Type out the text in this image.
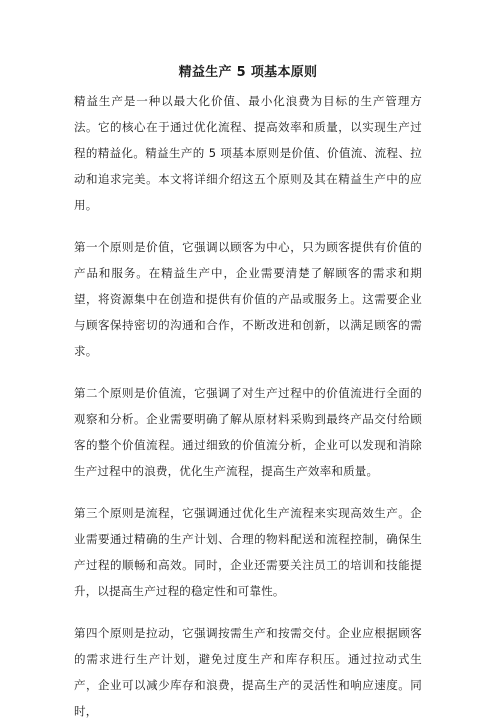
精益生产 5 项基本原则

精益生产是一种以最大化价值、最小化浪费为目标的生产管理方法。它的核心在于通过优化流程、提高效率和质量，以实现生产过程的精益化。精益生产的 5 项基本原则是价值、价值流、流程、拉动和追求完美。本文将详细介绍这五个原则及其在精益生产中的应用。

第一个原则是价值，它强调以顾客为中心，只为顾客提供有价值的产品和服务。在精益生产中，企业需要清楚了解顾客的需求和期望，将资源集中在创造和提供有价值的产品或服务上。这需要企业与顾客保持密切的沟通和合作，不断改进和创新，以满足顾客的需求。

第二个原则是价值流，它强调了对生产过程中的价值流进行全面的观察和分析。企业需要明确了解从原材料采购到最终产品交付给顾客的整个价值流程。通过细致的价值流分析，企业可以发现和消除生产过程中的浪费，优化生产流程，提高生产效率和质量。

第三个原则是流程，它强调通过优化生产流程来实现高效生产。企业需要通过精确的生产计划、合理的物料配送和流程控制，确保生产过程的顺畅和高效。同时，企业还需要关注员工的培训和技能提升，以提高生产过程的稳定性和可靠性。

第四个原则是拉动，它强调按需生产和按需交付。企业应根据顾客的需求进行生产计划，避免过度生产和库存积压。通过拉动式生产，企业可以减少库存和浪费，提高生产的灵活性和响应速度。同时，
